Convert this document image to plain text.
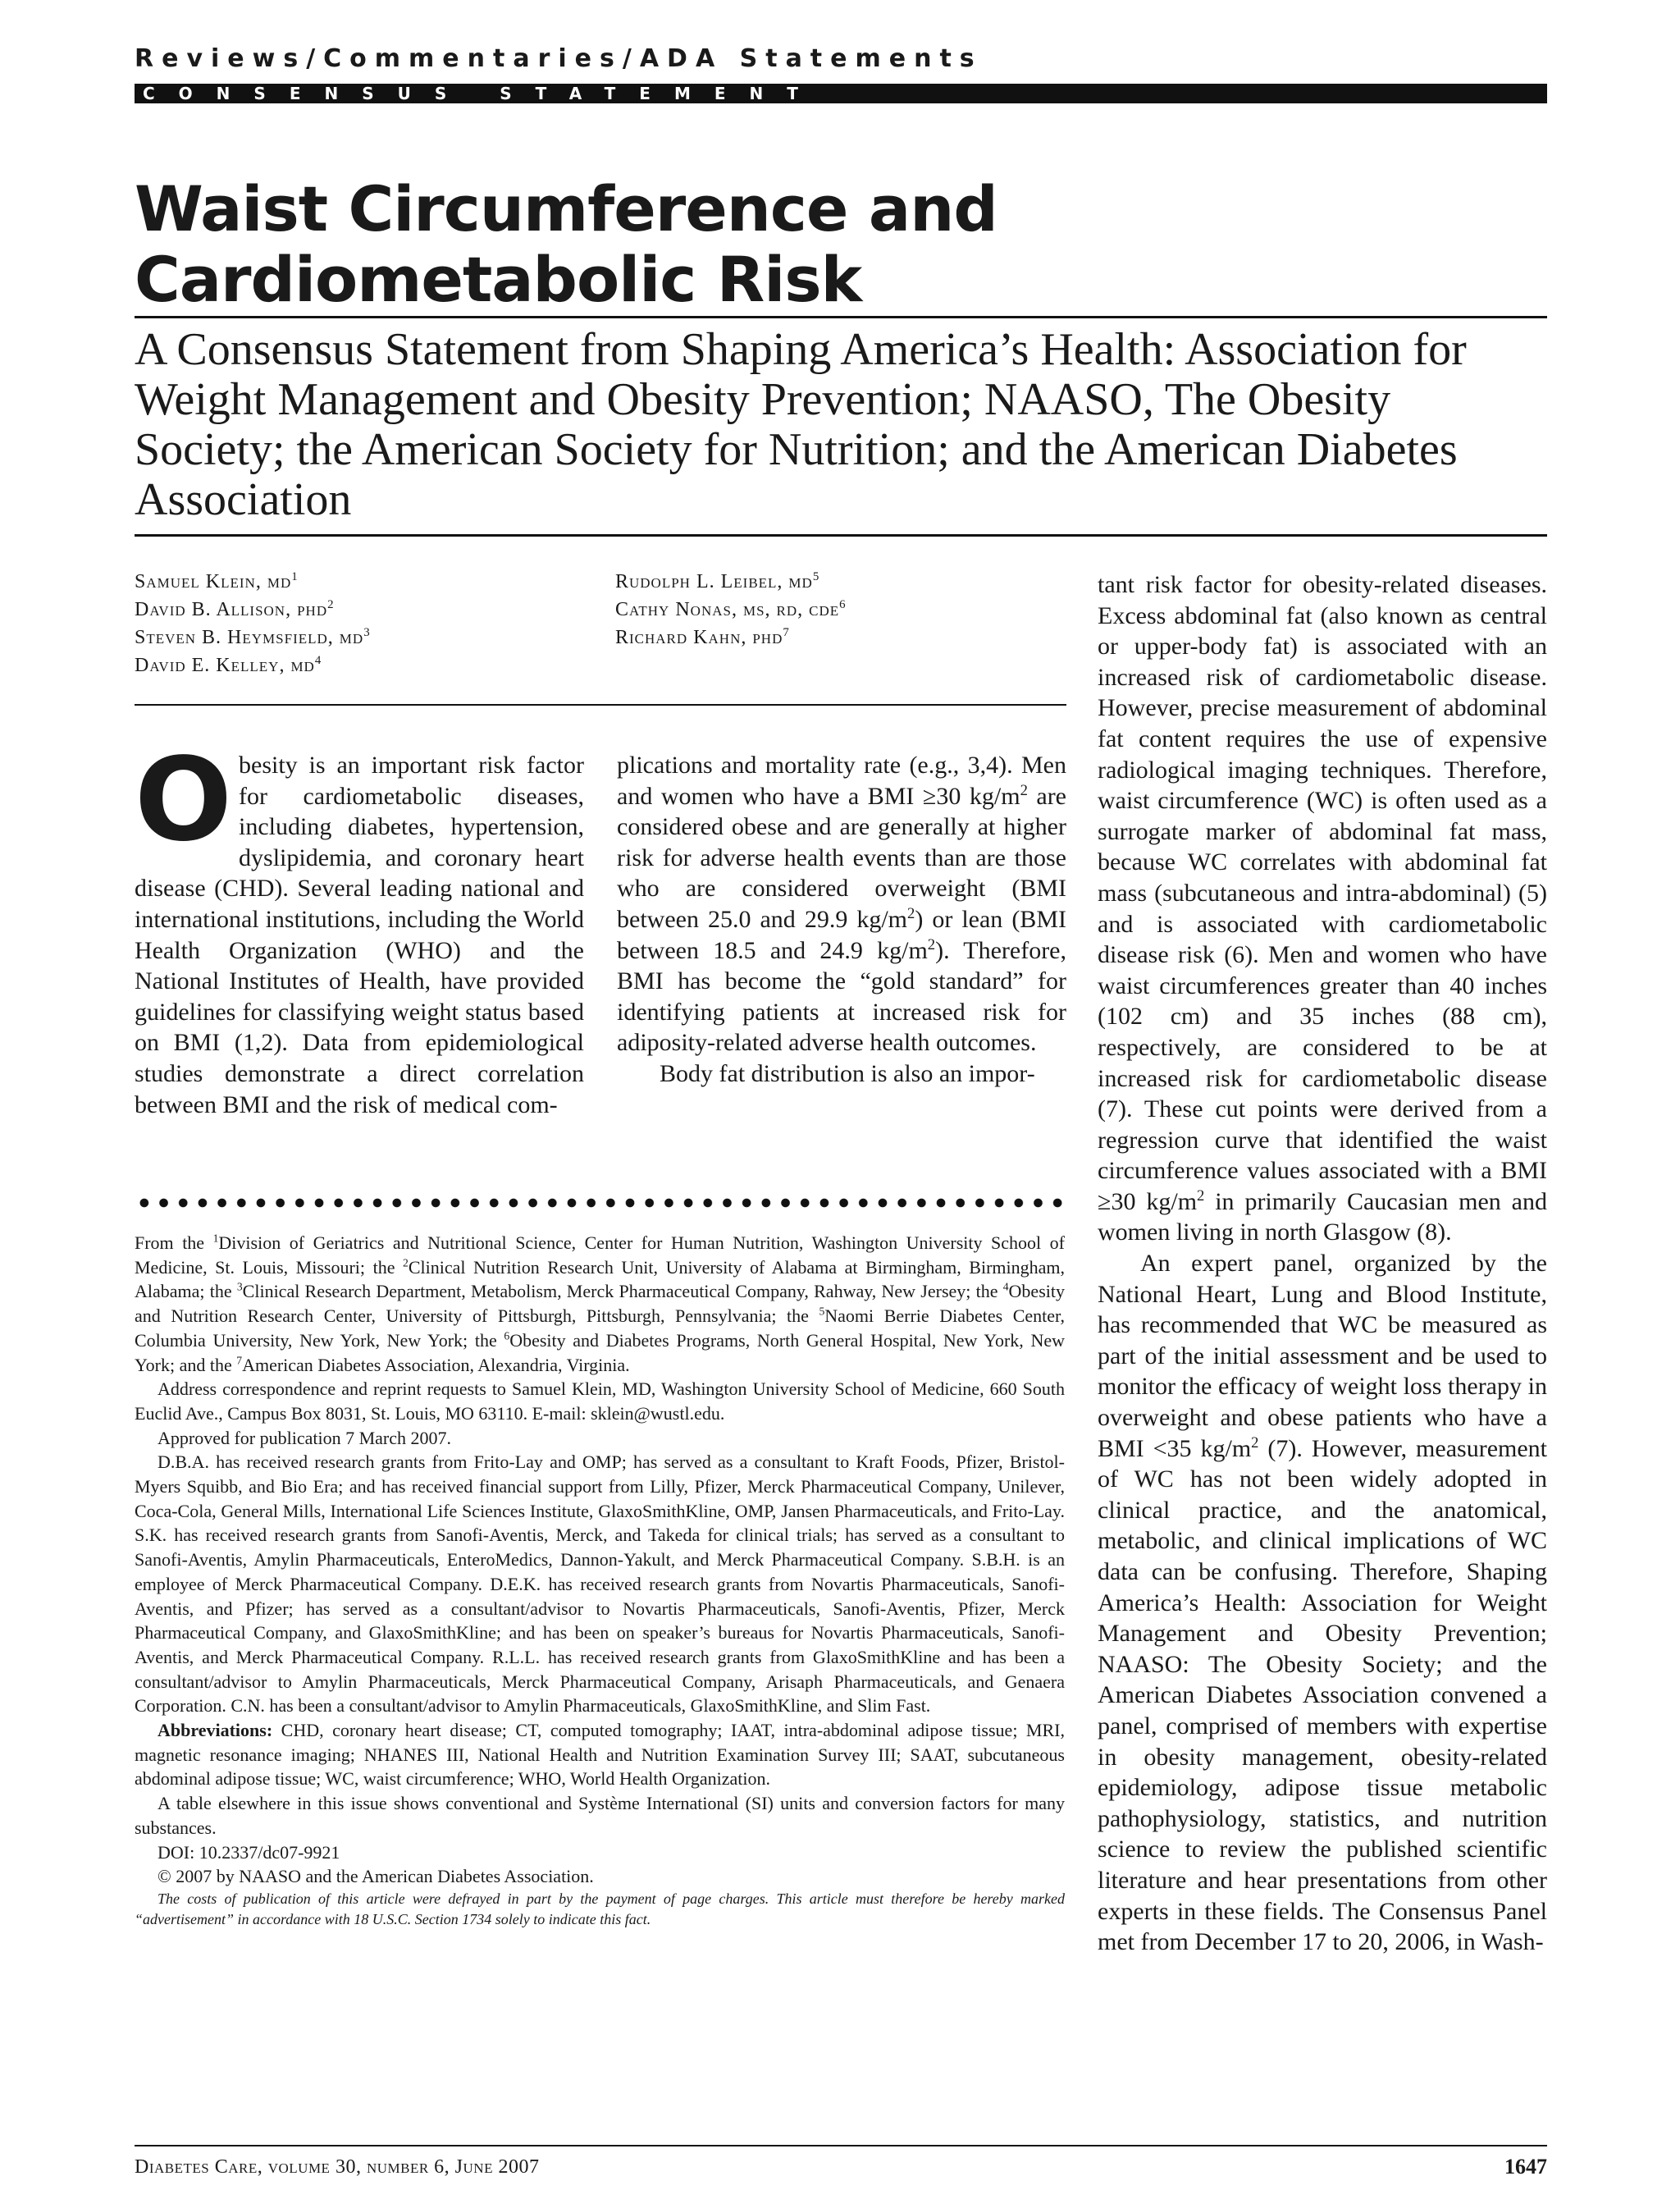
Reviews/Commentaries/ADA Statements
CONSENSUS STATEMENT
Waist Circumference and Cardiometabolic Risk
A Consensus Statement from Shaping America’s Health: Association for Weight Management and Obesity Prevention; NAASO, The Obesity Society; the American Society for Nutrition; and the American Diabetes Association
Samuel Klein, $md^1$
David B. Allison, phd$^2$
Steven B. Heymsfield, $md^3$
David E. Kelley, $md^4$
Rudolph L. Leibel, $md^5$
Cathy Nonas, ms, rd, cde$^6$
Richard Kahn, phd$^7$

Obesity is an important risk factor for cardiometabolic diseases, including diabetes, hypertension, dyslipidemia, and coronary heart disease (CHD). Several leading national and international institutions, including the World Health Organization (WHO) and the National Institutes of Health, have provided guidelines for classifying weight status based on BMI (1,2). Data from epidemiological studies demonstrate a direct correlation between BMI and the risk of medical com-

plications and mortality rate (e.g., 3,4). Men and women who have a BMI ≥30 $kg/m^2$ are considered obese and are generally at higher risk for adverse health events than are those who are considered overweight (BMI between 25.0 and 29.9 $kg/m^2$) or lean (BMI between 18.5 and 24.9 $kg/m^2$). Therefore, BMI has become the “gold standard” for identifying patients at increased risk for adiposity-related adverse health outcomes.

Body fat distribution is also an impor-

tant risk factor for obesity-related diseases. Excess abdominal fat (also known as central or upper-body fat) is associated with an increased risk of cardiometabolic disease. However, precise measurement of abdominal fat content requires the use of expensive radiological imaging techniques. Therefore, waist circumference (WC) is often used as a surrogate marker of abdominal fat mass, because WC correlates with abdominal fat mass (subcutaneous and intra-abdominal) (5) and is associated with cardiometabolic disease risk (6). Men and women who have waist circumferences greater than 40 inches (102 cm) and 35 inches (88 cm), respectively, are considered to be at increased risk for cardiometabolic disease (7). These cut points were derived from a regression curve that identified the waist circumference values associated with a BMI ≥30 $kg/m^2$ in primarily Caucasian men and women living in north Glasgow (8).

An expert panel, organized by the National Heart, Lung and Blood Institute, has recommended that WC be measured as part of the initial assessment and be used to monitor the efficacy of weight loss therapy in overweight and obese patients who have a BMI <35 $kg/m^2$ (7). However, measurement of WC has not been widely adopted in clinical practice, and the anatomical, metabolic, and clinical implications of WC data can be confusing. Therefore, Shaping America’s Health: Association for Weight Management and Obesity Prevention; NAASO: The Obesity Society; and the American Diabetes Association convened a panel, comprised of members with expertise in obesity management, obesity-related epidemiology, adipose tissue metabolic pathophysiology, statistics, and nutrition science to review the published scientific literature and hear presentations from other experts in these fields. The Consensus Panel met from December 17 to 20, 2006, in Wash-

From the $^1$Division of Geriatrics and Nutritional Science, Center for Human Nutrition, Washington University School of Medicine, St. Louis, Missouri; the $^2$Clinical Nutrition Research Unit, University of Alabama at Birmingham, Birmingham, Alabama; the $^3$Clinical Research Department, Metabolism, Merck Pharmaceutical Company, Rahway, New Jersey; the $^4$Obesity and Nutrition Research Center, University of Pittsburgh, Pittsburgh, Pennsylvania; the $^5$Naomi Berrie Diabetes Center, Columbia University, New York, New York; the $^6$Obesity and Diabetes Programs, North General Hospital, New York, New York; and the $^7$American Diabetes Association, Alexandria, Virginia.

Address correspondence and reprint requests to Samuel Klein, MD, Washington University School of Medicine, 660 South Euclid Ave., Campus Box 8031, St. Louis, MO 63110. E-mail: sklein@wustl.edu.

Approved for publication 7 March 2007.

D.B.A. has received research grants from Frito-Lay and OMP; has served as a consultant to Kraft Foods, Pfizer, Bristol-Myers Squibb, and Bio Era; and has received financial support from Lilly, Pfizer, Merck Pharmaceutical Company, Unilever, Coca-Cola, General Mills, International Life Sciences Institute, GlaxoSmithKline, OMP, Jansen Pharmaceuticals, and Frito-Lay. S.K. has received research grants from Sanofi-Aventis, Merck, and Takeda for clinical trials; has served as a consultant to Sanofi-Aventis, Amylin Pharmaceuticals, EnteroMedics, Dannon-Yakult, and Merck Pharmaceutical Company. S.B.H. is an employee of Merck Pharmaceutical Company. D.E.K. has received research grants from Novartis Pharmaceuticals, Sanofi-Aventis, and Pfizer; has served as a consultant/advisor to Novartis Pharmaceuticals, Sanofi-Aventis, Pfizer, Merck Pharmaceutical Company, and GlaxoSmithKline; and has been on speaker’s bureaus for Novartis Pharmaceuticals, Sanofi-Aventis, and Merck Pharmaceutical Company. R.L.L. has received research grants from GlaxoSmithKline and has been a consultant/advisor to Amylin Pharmaceuticals, Merck Pharmaceutical Company, Arisaph Pharmaceuticals, and Genaera Corporation. C.N. has been a consultant/advisor to Amylin Pharmaceuticals, GlaxoSmithKline, and Slim Fast.

Abbreviations: CHD, coronary heart disease; CT, computed tomography; IAAT, intra-abdominal adipose tissue; MRI, magnetic resonance imaging; NHANES III, National Health and Nutrition Examination Survey III; SAAT, subcutaneous abdominal adipose tissue; WC, waist circumference; WHO, World Health Organization.

A table elsewhere in this issue shows conventional and Système International (SI) units and conversion factors for many substances.

DOI: 10.2337/dc07-9921

© 2007 by NAASO and the American Diabetes Association.

The costs of publication of this article were defrayed in part by the payment of page charges. This article must therefore be hereby marked “advertisement” in accordance with 18 U.S.C. Section 1734 solely to indicate this fact.

Diabetes Care, volume 30, number 6, June 2007	1647
